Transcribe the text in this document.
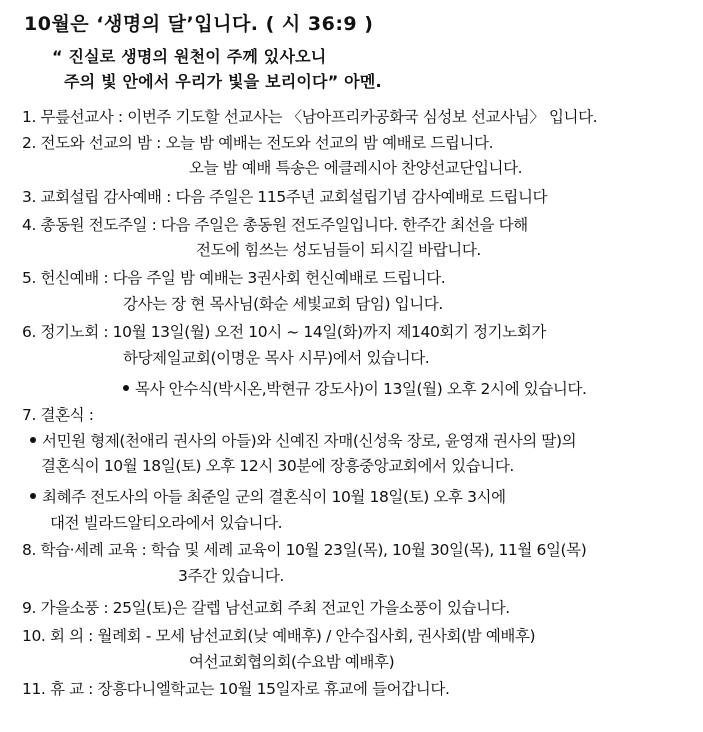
10월은 ‘생명의 달’입니다. ( 시 36:9 )
“ 진실로 생명의 원천이 주께 있사오니
주의 빛 안에서 우리가 빛을 보리이다” 아멘.
1. 무릎선교사 : 이번주 기도할 선교사는 〈남아프리카공화국 심성보 선교사님〉 입니다.
2. 전도와 선교의 밤 : 오늘 밤 예배는 전도와 선교의 밤 예배로 드립니다.
오늘 밤 예배 특송은 에클레시아 찬양선교단입니다.
3. 교회설립 감사예배 : 다음 주일은 115주년 교회설립기념 감사예배로 드립니다
4. 총동원 전도주일 : 다음 주일은 총동원 전도주일입니다. 한주간 최선을 다해
전도에 힘쓰는 성도님들이 되시길 바랍니다.
5. 헌신예배 : 다음 주일 밤 예배는 3권사회 헌신예배로 드립니다.
강사는 장 현 목사님(화순 세빛교회 담임) 입니다.
6. 정기노회 : 10월 13일(월) 오전 10시 ~ 14일(화)까지 제140회기 정기노회가
하당제일교회(이명운 목사 시무)에서 있습니다.
목사 안수식(박시온,박현규 강도사)이 13일(월) 오후 2시에 있습니다.
7. 결혼식 :
서민원 형제(천애리 권사의 아들)와 신예진 자매(신성욱 장로, 윤영재 권사의 딸)의
결혼식이 10월 18일(토) 오후 12시 30분에 장흥중앙교회에서 있습니다.
최혜주 전도사의 아들 최준일 군의 결혼식이 10월 18일(토) 오후 3시에
대전 빌라드알티오라에서 있습니다.
8. 학습·세례 교육 : 학습 및 세례 교육이 10월 23일(목), 10월 30일(목), 11월 6일(목)
3주간 있습니다.
9. 가을소풍 : 25일(토)은 갈렙 남선교회 주최 전교인 가을소풍이 있습니다.
10. 회 의 : 월례회 - 모세 남선교회(낮 예배후) / 안수집사회, 권사회(밤 예배후)
여선교회협의회(수요밤 예배후)
11. 휴 교 : 장흥다니엘학교는 10월 15일자로 휴교에 들어갑니다.
